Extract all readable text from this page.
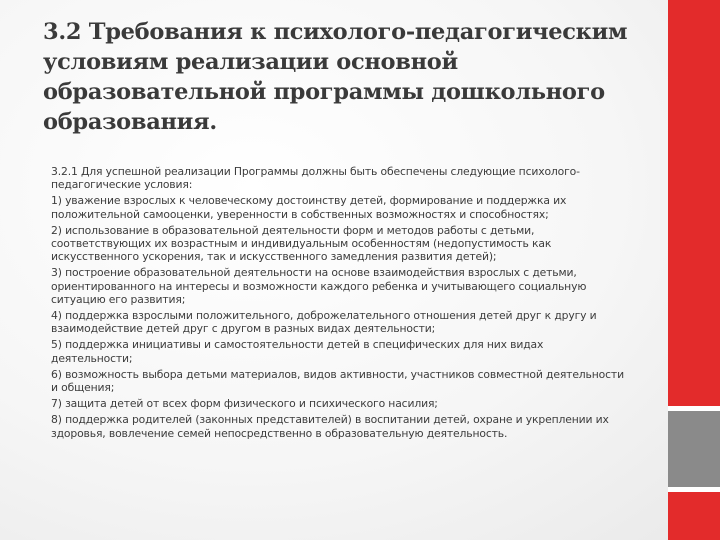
3.2 Требования к психолого-педагогическим
условиям реализации основной
образовательной программы дошкольного
образования.

3.2.1 Для успешной реализации Программы должны быть обеспечены следующие психолого-педагогические условия:

1) уважение взрослых к человеческому достоинству детей, формирование и поддержка их положительной самооценки, уверенности в собственных возможностях и способностях;

2) использование в образовательной деятельности форм и методов работы с детьми, соответствующих их возрастным и индивидуальным особенностям (недопустимость как искусственного ускорения, так и искусственного замедления развития детей);

3) построение образовательной деятельности на основе взаимодействия взрослых с детьми, ориентированного на интересы и возможности каждого ребенка и учитывающего социальную ситуацию его развития;

4) поддержка взрослыми положительного, доброжелательного отношения детей друг к другу и взаимодействие детей друг с другом в разных видах деятельности;

5) поддержка инициативы и самостоятельности детей в специфических для них видах деятельности;

6) возможность выбора детьми материалов, видов активности, участников совместной деятельности и общения;

7) защита детей от всех форм физического и психического насилия;

8) поддержка родителей (законных представителей) в воспитании детей, охране и укреплении их здоровья, вовлечение семей непосредственно в образовательную деятельность.
